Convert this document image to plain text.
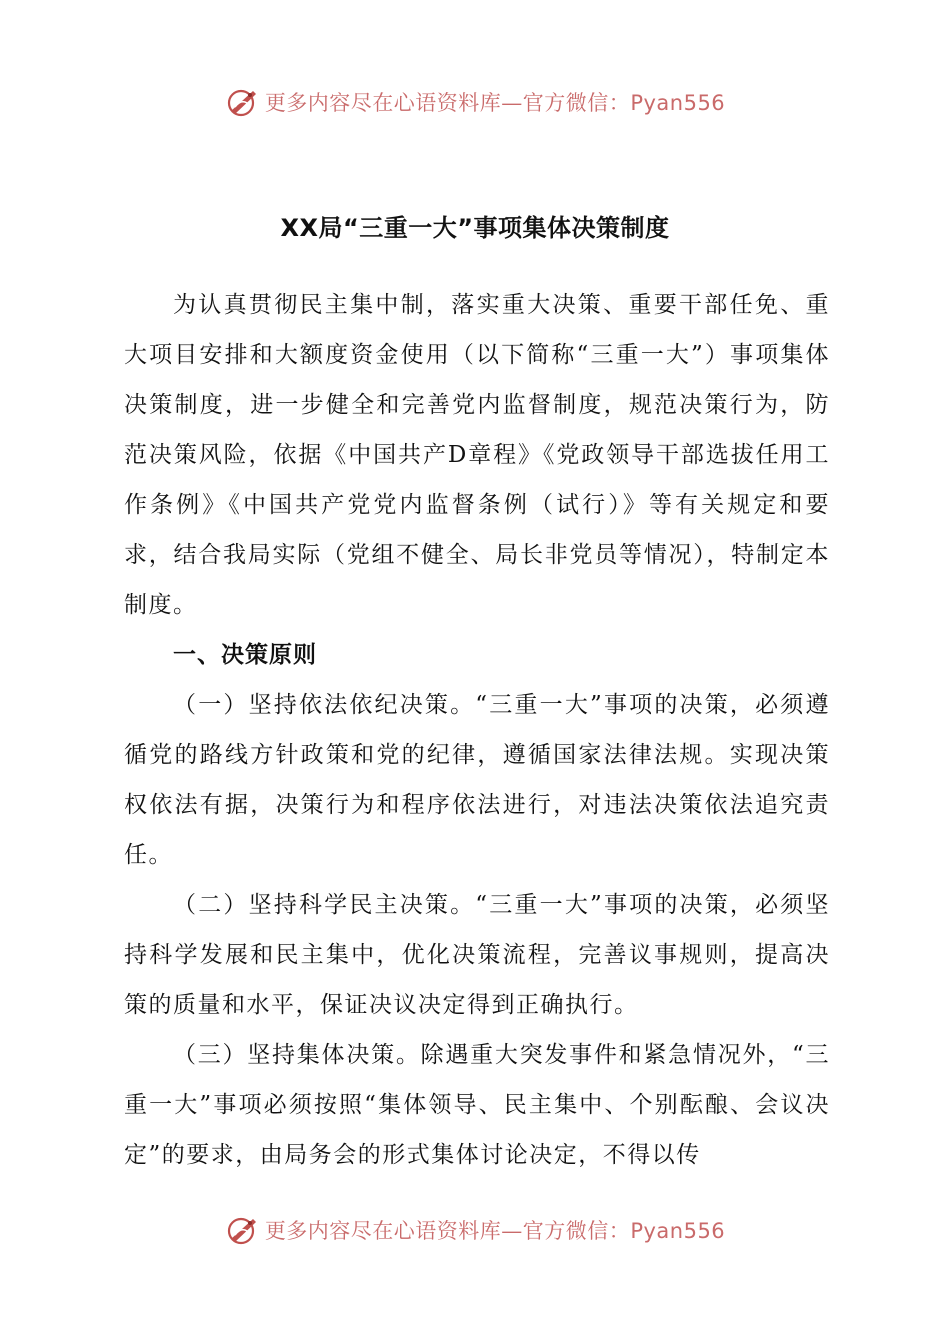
更多内容尽在心语资料库—官方微信：Pyan556
XX局“三重一大”事项集体决策制度

为认真贯彻民主集中制，落实重大决策、重要干部任免、重大项目安排和大额度资金使用（以下简称“三重一大”）事项集体决策制度，进一步健全和完善党内监督制度，规范决策行为，防范决策风险，依据《中国共产D章程》《党政领导干部选拔任用工作条例》《中国共产党党内监督条例（试行）》等有关规定和要求，结合我局实际（党组不健全、局长非党员等情况），特制定本制度。

一、决策原则

（一）坚持依法依纪决策。“三重一大”事项的决策，必须遵循党的路线方针政策和党的纪律，遵循国家法律法规。实现决策权依法有据，决策行为和程序依法进行，对违法决策依法追究责任。

（二）坚持科学民主决策。“三重一大”事项的决策，必须坚持科学发展和民主集中，优化决策流程，完善议事规则，提高决策的质量和水平，保证决议决定得到正确执行。

（三）坚持集体决策。除遇重大突发事件和紧急情况外，“三重一大”事项必须按照“集体领导、民主集中、个别酝酿、会议决定”的要求，由局务会的形式集体讨论决定，不得以传

更多内容尽在心语资料库—官方微信：Pyan556
